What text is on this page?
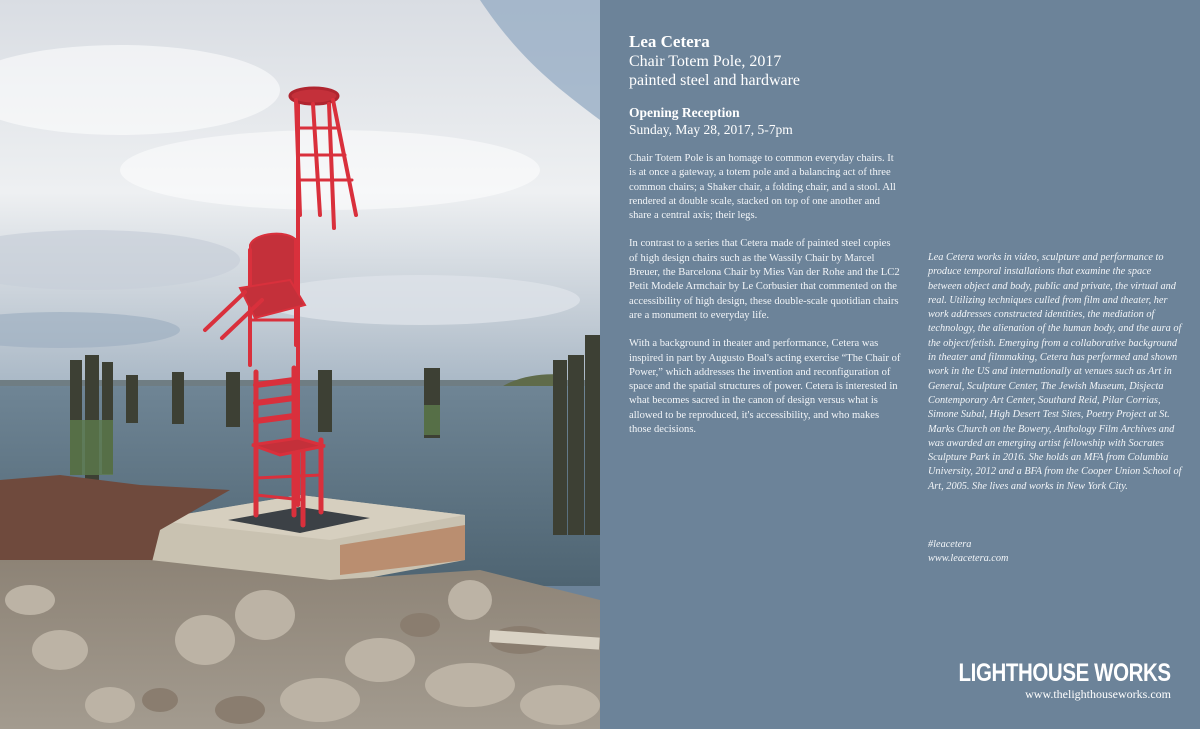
Lea Cetera
Chair Totem Pole, 2017
painted steel and hardware
Opening Reception
Sunday, May 28, 2017, 5-7pm

Chair Totem Pole is an homage to common everyday chairs. It is at once a gateway, a totem pole and a balancing act of three common chairs; a Shaker chair, a folding chair, and a stool. All rendered at double scale, stacked on top of one another and share a central axis; their legs.

In contrast to a series that Cetera made of painted steel copies of high design chairs such as the Wassily Chair by Marcel Breuer, the Barcelona Chair by Mies Van der Rohe and the LC2 Petit Modele Armchair by Le Corbusier that commented on the accessibility of high design, these double-scale quotidian chairs are a monument to everyday life.

With a background in theater and performance, Cetera was inspired in part by Augusto Boal's acting exercise “The Chair of Power,” which addresses the invention and reconfiguration of space and the spatial structures of power. Cetera is interested in what becomes sacred in the canon of design versus what is allowed to be reproduced, it's accessibility, and who makes those decisions.

Lea Cetera works in video, sculpture and performance to produce temporal installations that examine the space between object and body, public and private, the virtual and real. Utilizing techniques culled from film and theater, her work addresses constructed identities, the mediation of technology, the alienation of the human body, and the aura of the object/fetish. Emerging from a collaborative background in theater and filmmaking, Cetera has performed and shown work in the US and internationally at venues such as Art in General, Sculpture Center, The Jewish Museum, Disjecta Contemporary Art Center, Southard Reid, Pilar Corrias, Simone Subal, High Desert Test Sites, Poetry Project at St. Marks Church on the Bowery, Anthology Film Archives and was awarded an emerging artist fellowship with Socrates Sculpture Park in 2016. She holds an MFA from Columbia University, 2012 and a BFA from the Cooper Union School of Art, 2005. She lives and works in New York City.

#leacetera
www.leacetera.com
LIGHTHOUSE WORKS
www.thelighthouseworks.com
